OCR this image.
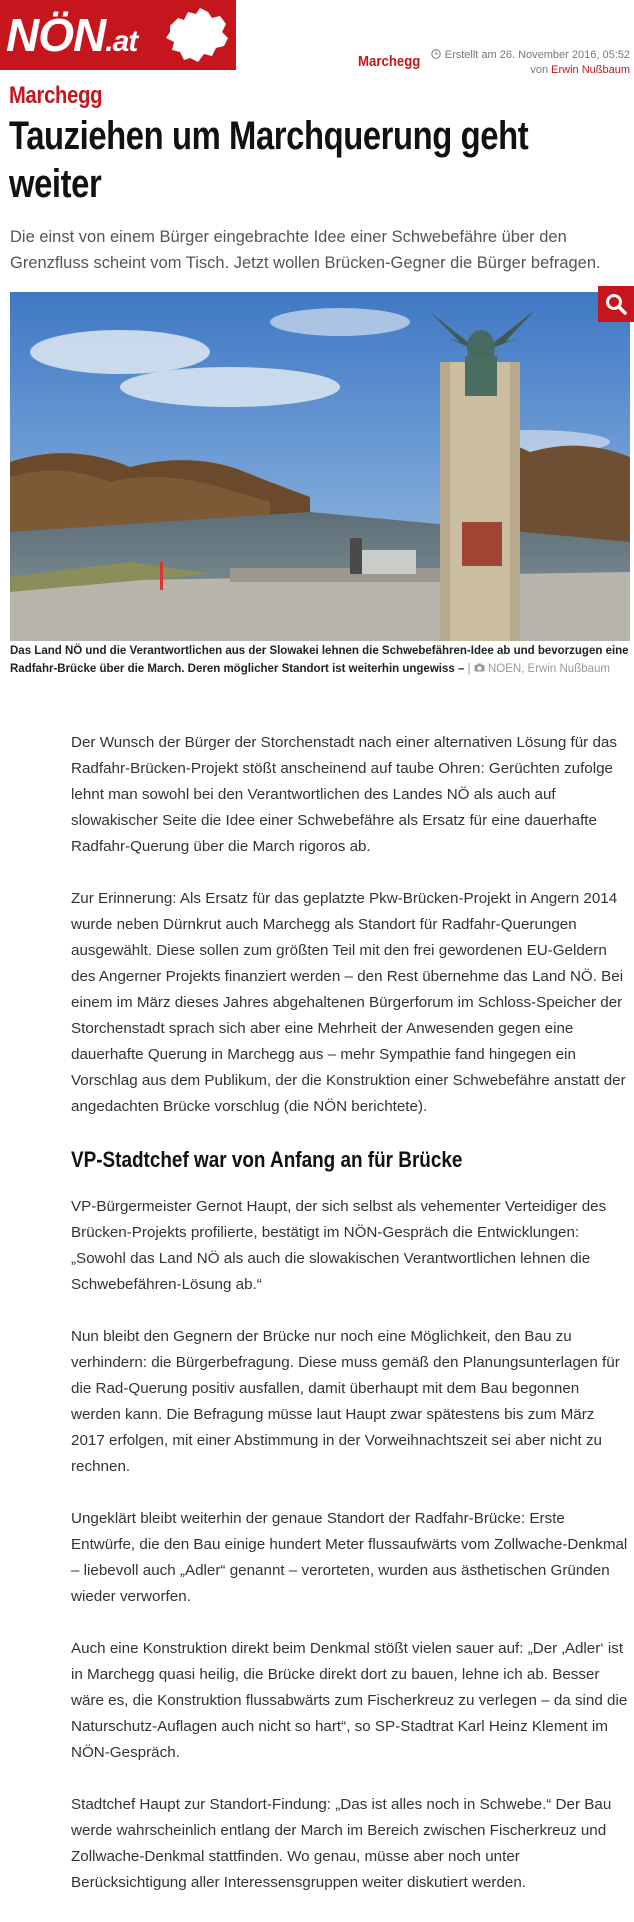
NÖN.at
Marchegg	Erstellt am 26. November 2016, 05:52
von Erwin Nußbaum
Marchegg
Tauziehen um Marchquerung geht weiter

Die einst von einem Bürger eingebrachte Idee einer Schwebefähre über den Grenzfluss scheint vom Tisch. Jetzt wollen Brücken-Gegner die Bürger befragen.

Das Land NÖ und die Verantwortlichen aus der Slowakei lehnen die Schwebefähren-Idee ab und bevorzugen eine Radfahr-Brücke über die March. Deren möglicher Standort ist weiterhin ungewiss – |  NOEN, Erwin Nußbaum

Der Wunsch der Bürger der Storchenstadt nach einer alternativen Lösung für das Radfahr-Brücken-Projekt stößt anscheinend auf taube Ohren: Gerüchten zufolge lehnt man sowohl bei den Verantwortlichen des Landes NÖ als auch auf slowakischer Seite die Idee einer Schwebefähre als Ersatz für eine dauerhafte Radfahr-Querung über die March rigoros ab.

Zur Erinnerung: Als Ersatz für das geplatzte Pkw-Brücken-Projekt in Angern 2014 wurde neben Dürnkrut auch Marchegg als Standort für Radfahr-Querungen ausgewählt. Diese sollen zum größten Teil mit den frei gewordenen EU-Geldern des Angerner Projekts finanziert werden – den Rest übernehme das Land NÖ. Bei einem im März dieses Jahres abgehaltenen Bürgerforum im Schloss-Speicher der Storchenstadt sprach sich aber eine Mehrheit der Anwesenden gegen eine dauerhafte Querung in Marchegg aus – mehr Sympathie fand hingegen ein Vorschlag aus dem Publikum, der die Konstruktion einer Schwebefähre anstatt der angedachten Brücke vorschlug (die NÖN berichtete).

VP-Stadtchef war von Anfang an für Brücke

VP-Bürgermeister Gernot Haupt, der sich selbst als vehementer Verteidiger des Brücken-Projekts profilierte, bestätigt im NÖN-Gespräch die Entwicklungen: „Sowohl das Land NÖ als auch die slowakischen Verantwortlichen lehnen die Schwebefähren-Lösung ab.“

Nun bleibt den Gegnern der Brücke nur noch eine Möglichkeit, den Bau zu verhindern: die Bürgerbefragung. Diese muss gemäß den Planungsunterlagen für die Rad-Querung positiv ausfallen, damit überhaupt mit dem Bau begonnen werden kann. Die Befragung müsse laut Haupt zwar spätestens bis zum März 2017 erfolgen, mit einer Abstimmung in der Vorweihnachtszeit sei aber nicht zu rechnen.

Ungeklärt bleibt weiterhin der genaue Standort der Radfahr-Brücke: Erste Entwürfe, die den Bau einige hundert Meter flussaufwärts vom Zollwache-Denkmal – liebevoll auch „Adler“ genannt – verorteten, wurden aus ästhetischen Gründen wieder verworfen.

Auch eine Konstruktion direkt beim Denkmal stößt vielen sauer auf: „Der ‚Adler‘ ist in Marchegg quasi heilig, die Brücke direkt dort zu bauen, lehne ich ab. Besser wäre es, die Konstruktion flussabwärts zum Fischerkreuz zu verlegen – da sind die Naturschutz-Auflagen auch nicht so hart“, so SP-Stadtrat Karl Heinz Klement im NÖN-Gespräch.

Stadtchef Haupt zur Standort-Findung: „Das ist alles noch in Schwebe.“ Der Bau werde wahrscheinlich entlang der March im Bereich zwischen Fischerkreuz und Zollwache-Denkmal stattfinden. Wo genau, müsse aber noch unter Berücksichtigung aller Interessensgruppen weiter diskutiert werden.
